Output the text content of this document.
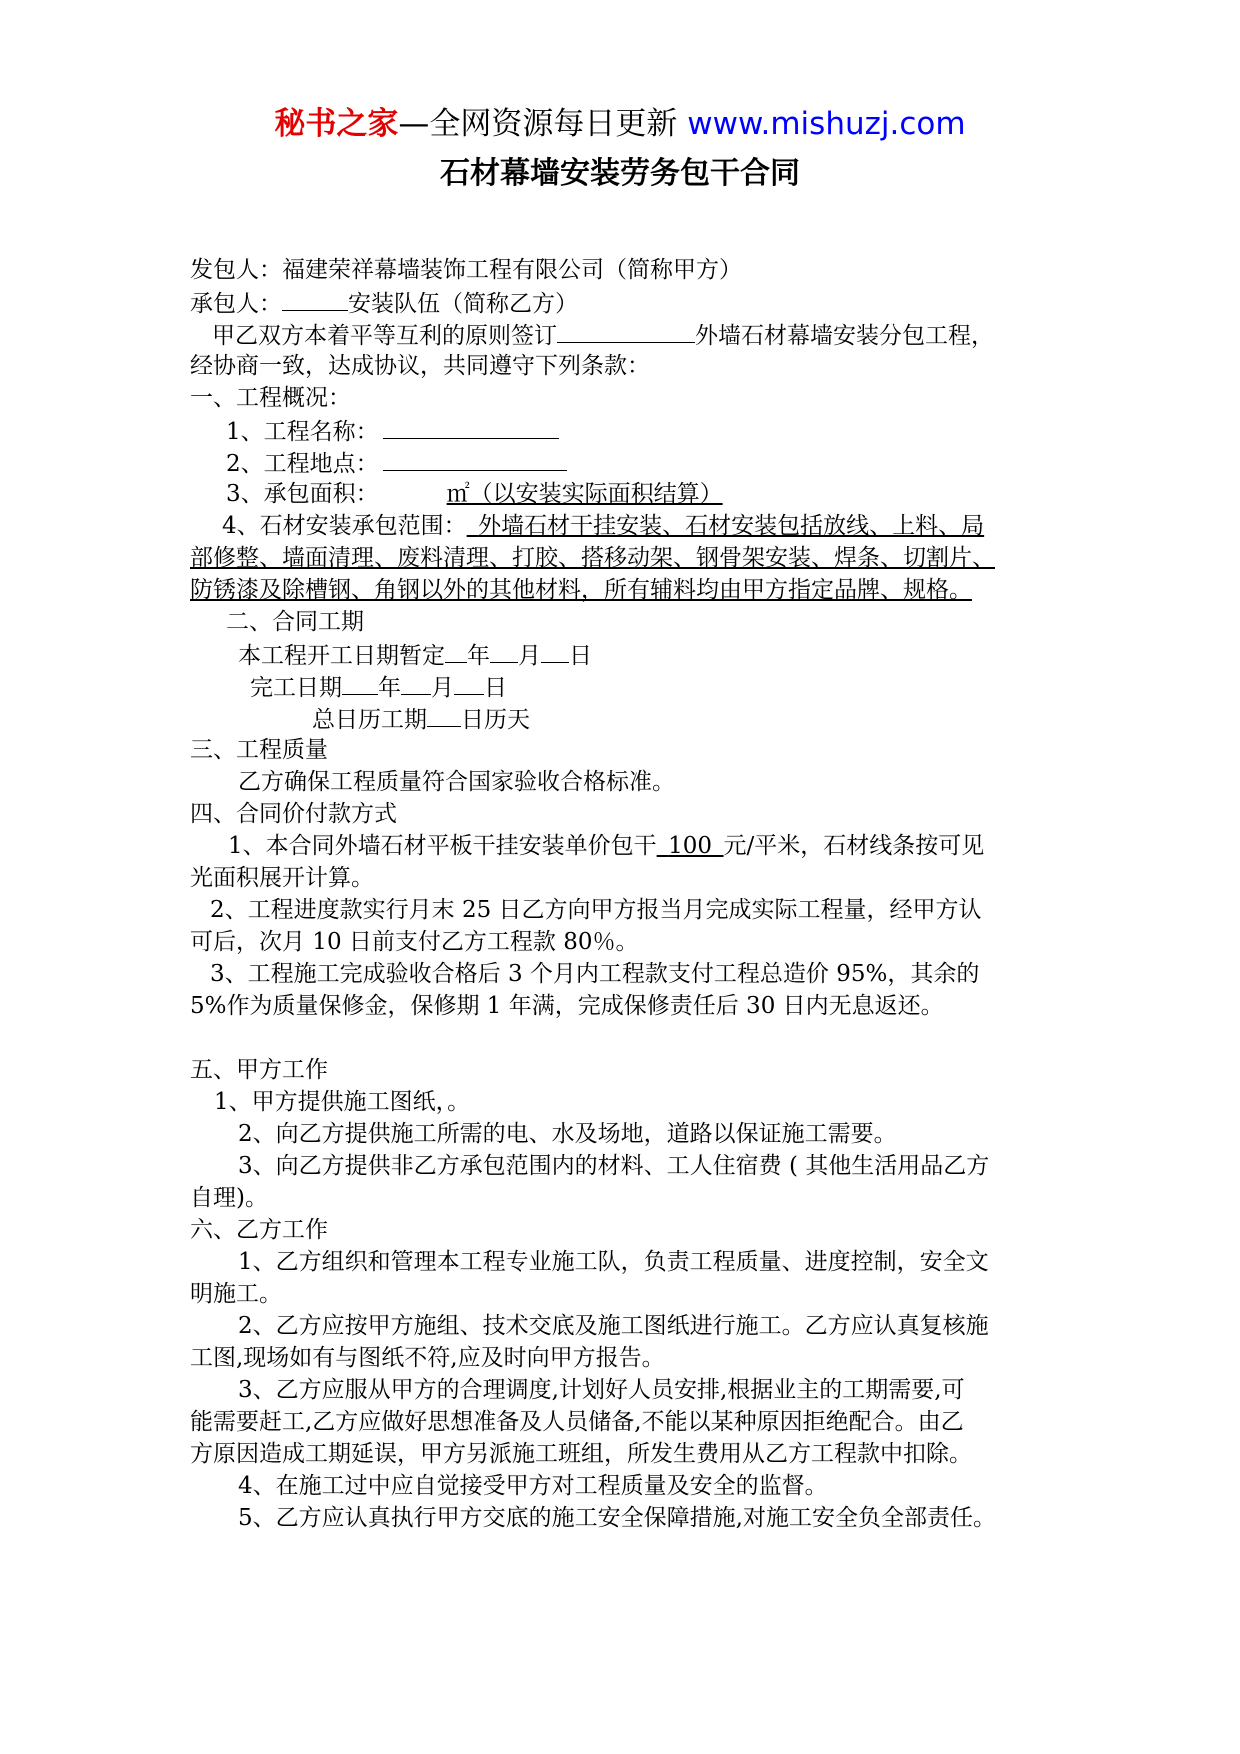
秘书之家—全网资源每日更新 www.mishuzj.com
石材幕墙安装劳务包干合同
发包人：福建荣祥幕墙装饰工程有限公司（简称甲方）
承包人：	安装队伍（简称乙方）
甲乙双方本着平等互利的原则签订	外墙石材幕墙安装分包工程，
经协商一致，达成协议，共同遵守下列条款：
一、工程概况：
1、工程名称：
2、工程地点：
3、承包面积：	㎡（以安装实际面积结算）
4、石材安装承包范围：  外墙石材干挂安装、石材安装包括放线、上料、局
部修整、墙面清理、废料清理、打胶、搭移动架、钢骨架安装、焊条、切割片、
防锈漆及除槽钢、角钢以外的其他材料，所有辅料均由甲方指定品牌、规格。
二、合同工期
本工程开工日期暂定 年 月 日
完工日期 年 月 日
总日历工期 日历天
三、工程质量
乙方确保工程质量符合国家验收合格标准。
四、合同价付款方式
1、本合同外墙石材平板干挂安装单价包干  100  元/平米，石材线条按可见
光面积展开计算。
2、工程进度款实行月末 25 日乙方向甲方报当月完成实际工程量，经甲方认
可后，次月 10 日前支付乙方工程款 80％。
3、工程施工完成验收合格后 3 个月内工程款支付工程总造价 95%，其余的
5%作为质量保修金，保修期 1 年满，完成保修责任后 30 日内无息返还。
五、甲方工作
1、甲方提供施工图纸，。
2、向乙方提供施工所需的电、水及场地，道路以保证施工需要。
3、向乙方提供非乙方承包范围内的材料、工人住宿费 ( 其他生活用品乙方
自理)。
六、乙方工作
1、乙方组织和管理本工程专业施工队，负责工程质量、进度控制，安全文
明施工。
2、乙方应按甲方施组、技术交底及施工图纸进行施工。乙方应认真复核施
工图,现场如有与图纸不符,应及时向甲方报告。
3、乙方应服从甲方的合理调度,计划好人员安排,根据业主的工期需要,可
能需要赶工,乙方应做好思想准备及人员储备,不能以某种原因拒绝配合。由乙
方原因造成工期延误，甲方另派施工班组，所发生费用从乙方工程款中扣除。
4、在施工过中应自觉接受甲方对工程质量及安全的监督。
5、乙方应认真执行甲方交底的施工安全保障措施,对施工安全负全部责任。
